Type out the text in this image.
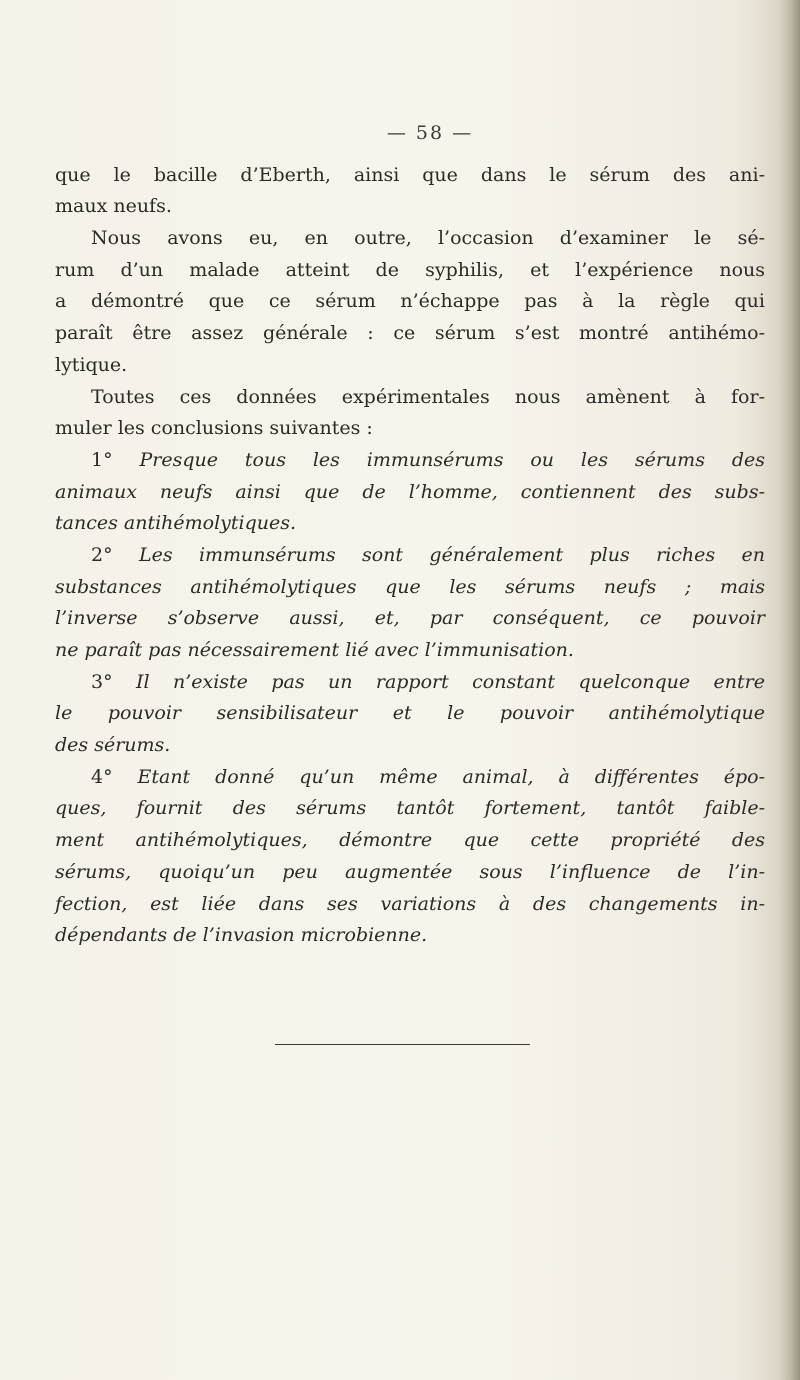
— 58 —
que le bacille d’Eberth, ainsi que dans le sérum des ani-
maux neufs.
Nous avons eu, en outre, l’occasion d’examiner le sé-
rum d’un malade atteint de syphilis, et l’expérience nous
a démontré que ce sérum n’échappe pas à la règle qui
paraît être assez générale : ce sérum s’est montré antihémo-
lytique.
Toutes ces données expérimentales nous amènent à for-
muler les conclusions suivantes :
1° Presque tous les immunsérums ou les sérums des
animaux neufs ainsi que de l’homme, contiennent des subs-
tances antihémolytiques.
2° Les immunsérums sont généralement plus riches en
substances antihémolytiques que les sérums neufs ; mais
l’inverse s’observe aussi, et, par conséquent, ce pouvoir
ne paraît pas nécessairement lié avec l’immunisation.
3° Il n’existe pas un rapport constant quelconque entre
le pouvoir sensibilisateur et le pouvoir antihémolytique
des sérums.
4° Etant donné qu’un même animal, à différentes épo-
ques, fournit des sérums tantôt fortement, tantôt faible-
ment antihémolytiques, démontre que cette propriété des
sérums, quoiqu’un peu augmentée sous l’influence de l’in-
fection, est liée dans ses variations à des changements in-
dépendants de l’invasion microbienne.
